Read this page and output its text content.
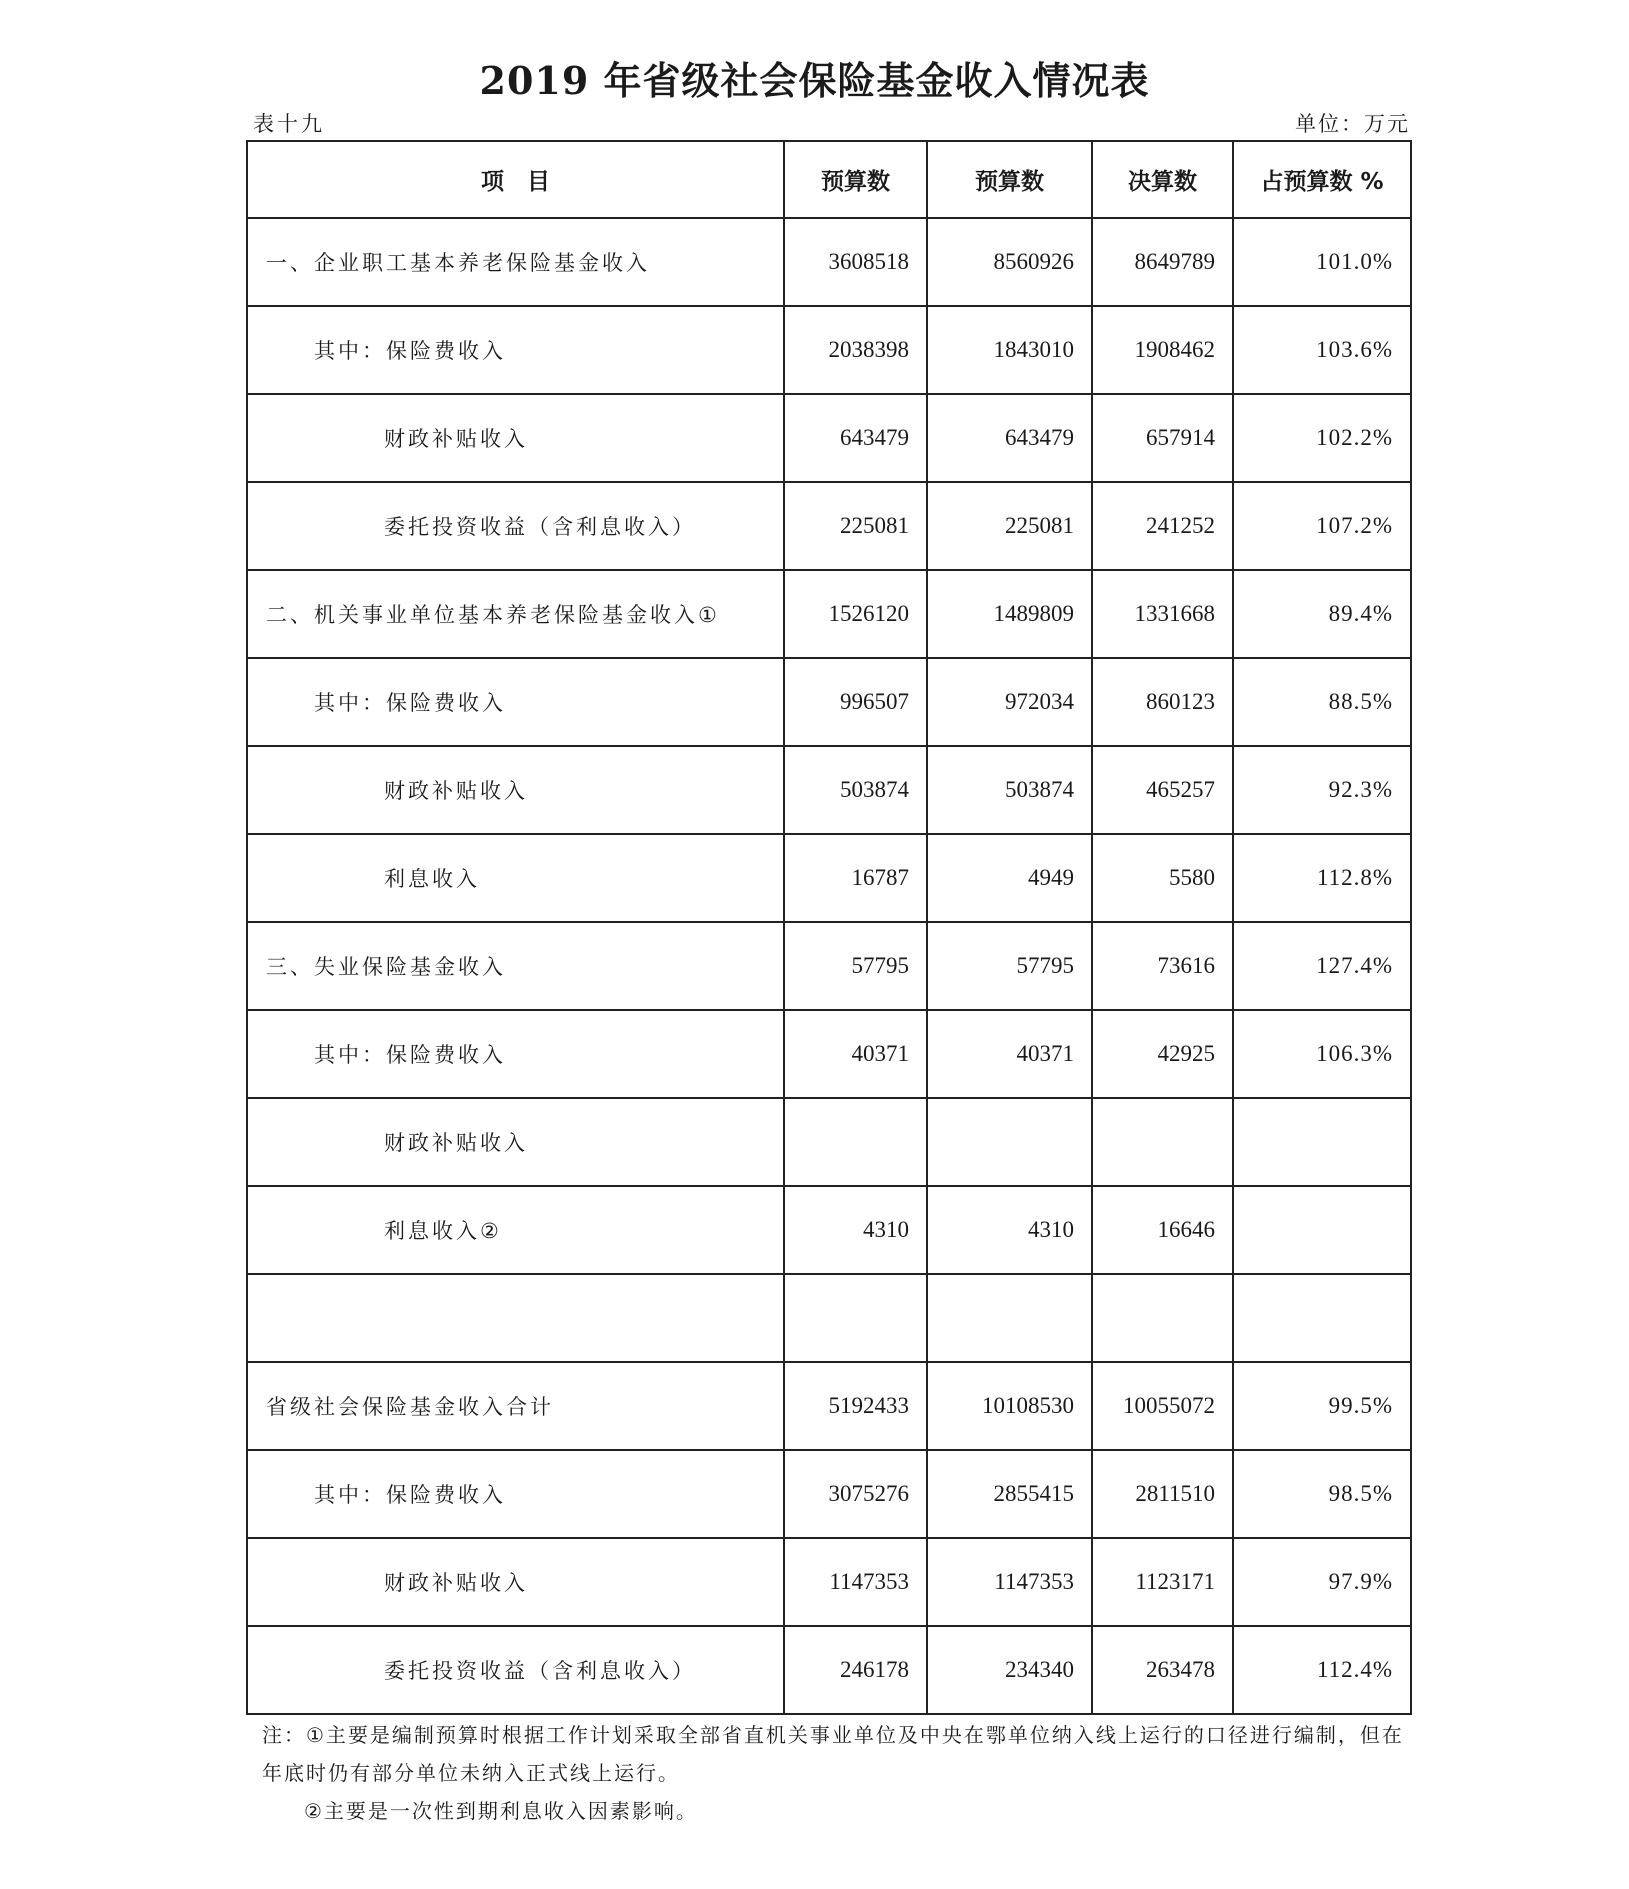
2019 年省级社会保险基金收入情况表
表十九	单位：万元
项　目	预算数	预算数	决算数	占预算数 %
一、企业职工基本养老保险基金收入	3608518	8560926	8649789	101.0%
其中：保险费收入	2038398	1843010	1908462	103.6%
财政补贴收入	643479	643479	657914	102.2%
委托投资收益（含利息收入）	225081	225081	241252	107.2%
二、机关事业单位基本养老保险基金收入①	1526120	1489809	1331668	89.4%
其中：保险费收入	996507	972034	860123	88.5%
财政补贴收入	503874	503874	465257	92.3%
利息收入	16787	4949	5580	112.8%
三、失业保险基金收入	57795	57795	73616	127.4%
其中：保险费收入	40371	40371	42925	106.3%
财政补贴收入				
利息收入②	4310	4310	16646	

省级社会保险基金收入合计	5192433	10108530	10055072	99.5%
其中：保险费收入	3075276	2855415	2811510	98.5%
财政补贴收入	1147353	1147353	1123171	97.9%
委托投资收益（含利息收入）	246178	234340	263478	112.4%

注：①主要是编制预算时根据工作计划采取全部省直机关事业单位及中央在鄂单位纳入线上运行的口径进行编制，但在年底时仍有部分单位未纳入正式线上运行。

②主要是一次性到期利息收入因素影响。
